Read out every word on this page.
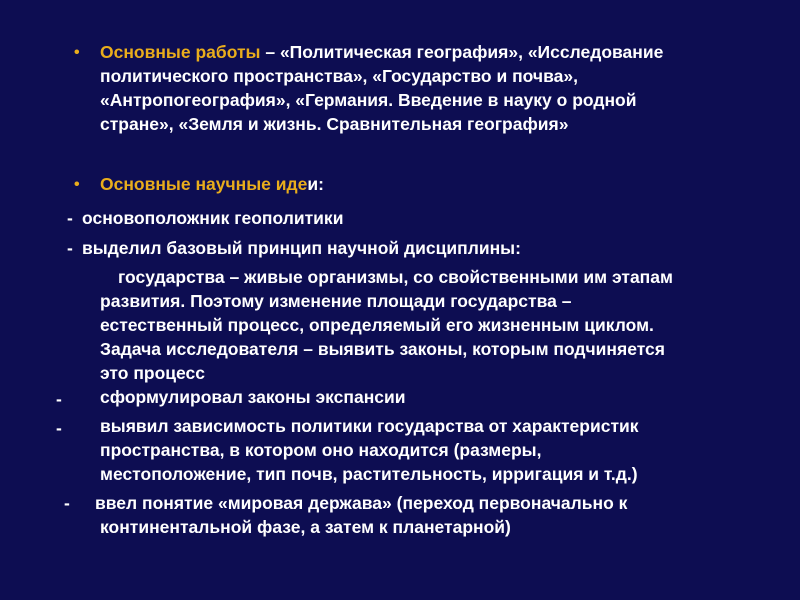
• Основные работы – «Политическая география», «Исследование
политического пространства», «Государство и почва»,
«Антропогеография», «Германия. Введение в науку о родной
стране», «Земля и жизнь. Сравнительная география»
• Основные научные идеи:
- основоположник геополитики
- выделил базовый принцип научной дисциплины:
государства – живые организмы, со свойственными им этапам
развития. Поэтому изменение площади государства –
естественный процесс, определяемый его жизненным циклом.
Задача исследователя – выявить законы, которым подчиняется
это процесс
- сформулировал законы экспансии
- выявил зависимость политики государства от характеристик
пространства, в котором оно находится (размеры,
местоположение, тип почв, растительность, ирригация и т.д.)
- ввел понятие «мировая держава» (переход первоначально к
континентальной фазе, а затем к планетарной)
